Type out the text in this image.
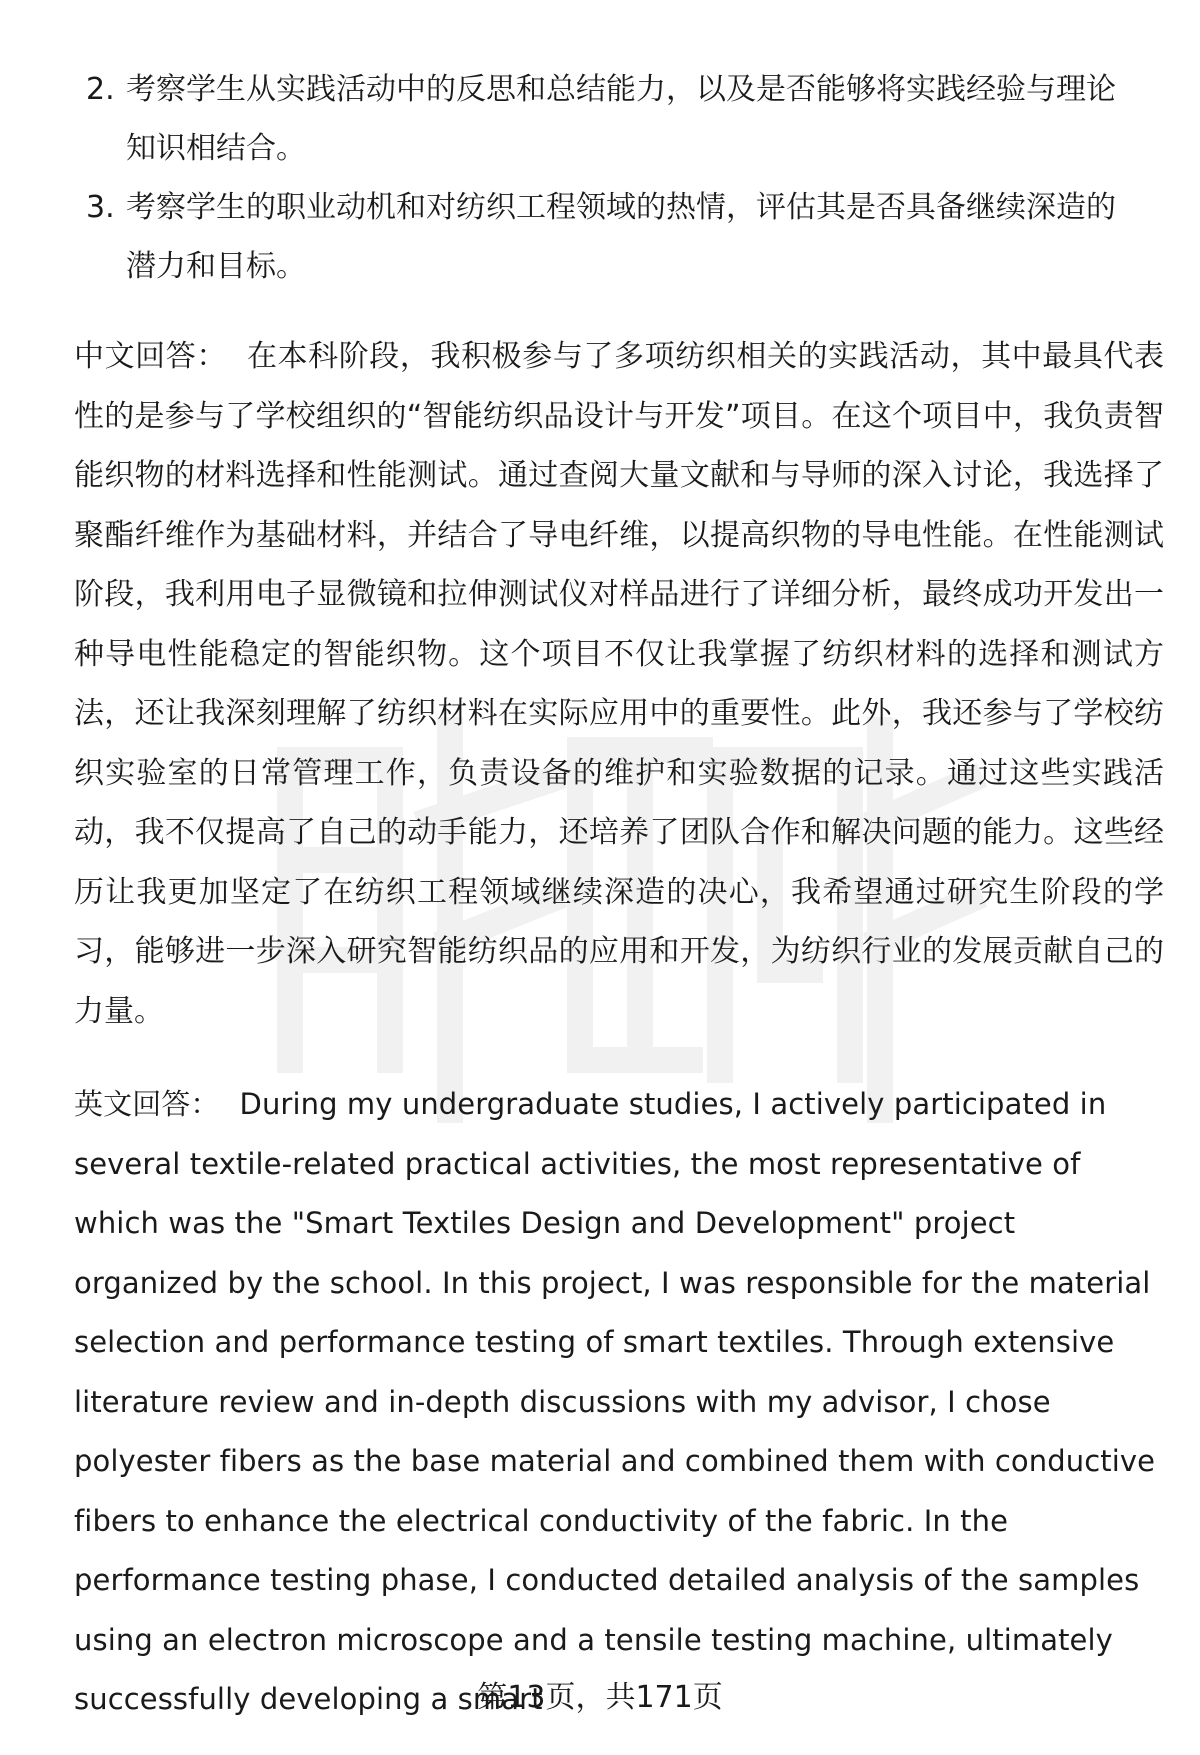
2. 考察学生从实践活动中的反思和总结能力，以及是否能够将实践经验与理论知识相结合。
3. 考察学生的职业动机和对纺织工程领域的热情，评估其是否具备继续深造的潜力和目标。

中文回答： 在本科阶段，我积极参与了多项纺织相关的实践活动，其中最具代表性的是参与了学校组织的“智能纺织品设计与开发”项目。在这个项目中，我负责智能织物的材料选择和性能测试。通过查阅大量文献和与导师的深入讨论，我选择了聚酯纤维作为基础材料，并结合了导电纤维，以提高织物的导电性能。在性能测试阶段，我利用电子显微镜和拉伸测试仪对样品进行了详细分析，最终成功开发出一种导电性能稳定的智能织物。这个项目不仅让我掌握了纺织材料的选择和测试方法，还让我深刻理解了纺织材料在实际应用中的重要性。此外，我还参与了学校纺织实验室的日常管理工作，负责设备的维护和实验数据的记录。通过这些实践活动，我不仅提高了自己的动手能力，还培养了团队合作和解决问题的能力。这些经历让我更加坚定了在纺织工程领域继续深造的决心，我希望通过研究生阶段的学习，能够进一步深入研究智能纺织品的应用和开发，为纺织行业的发展贡献自己的力量。

英文回答： During my undergraduate studies, I actively participated in several textile-related practical activities, the most representative of which was the "Smart Textiles Design and Development" project organized by the school. In this project, I was responsible for the material selection and performance testing of smart textiles. Through extensive literature review and in-depth discussions with my advisor, I chose polyester fibers as the base material and combined them with conductive fibers to enhance the electrical conductivity of the fabric. In the performance testing phase, I conducted detailed analysis of the samples using an electron microscope and a tensile testing machine, ultimately successfully developing a smart

第13页，共171页
